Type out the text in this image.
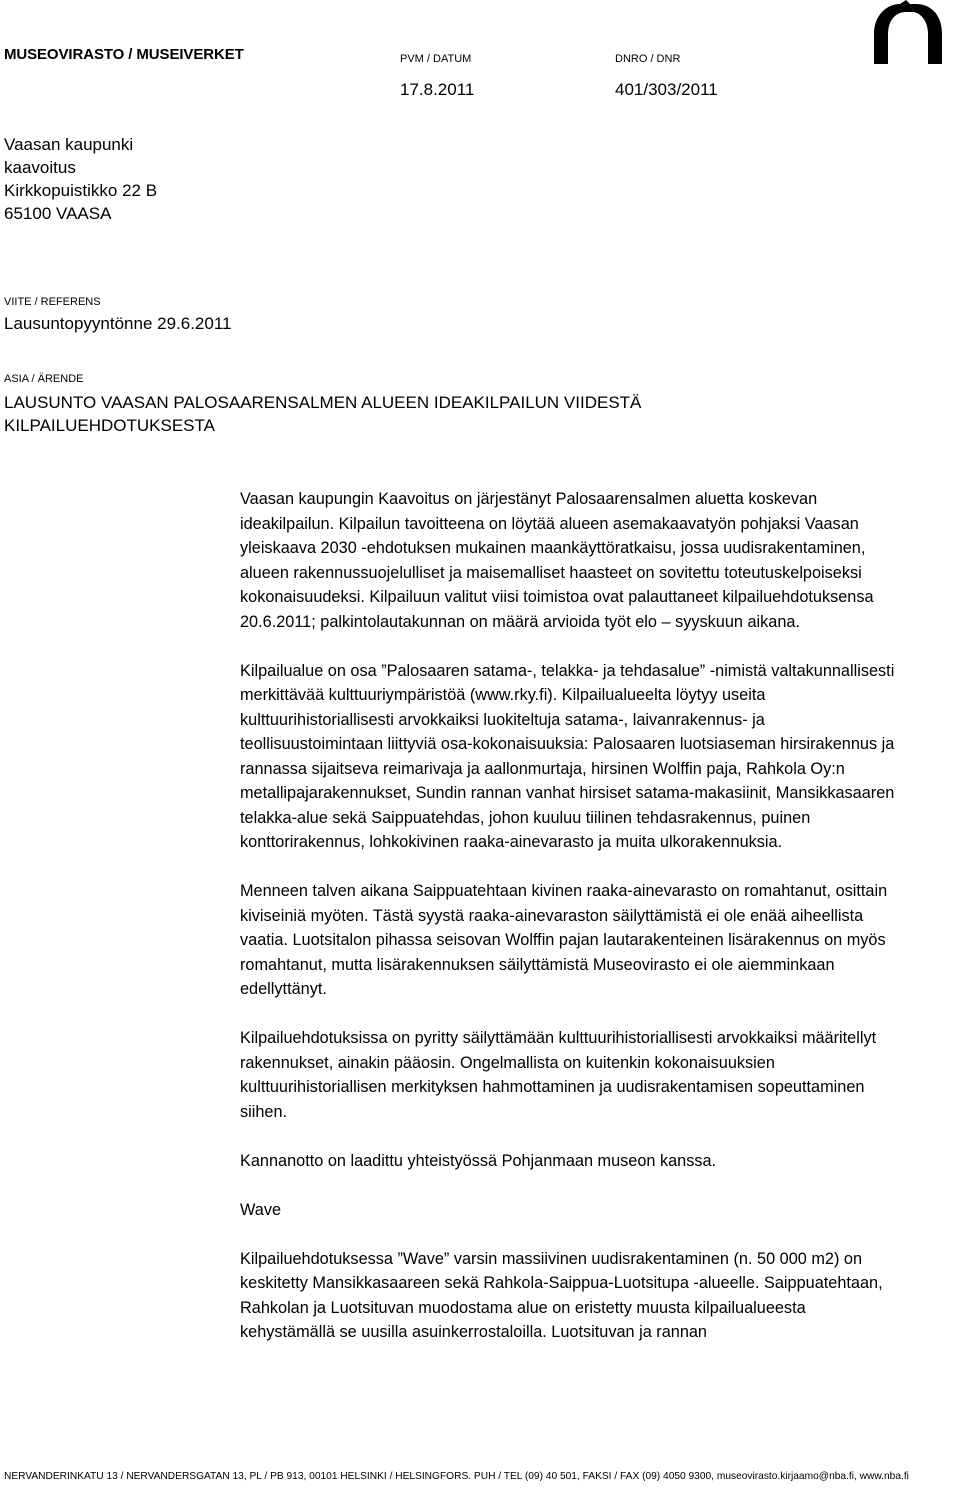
MUSEOVIRASTO / MUSEIVERKET	PVM / DATUM	DNRO / DNR
17.8.2011	401/303/2011
Vaasan kaupunki
kaavoitus
Kirkkopuistikko 22 B
65100 VAASA
VIITE / REFERENS
Lausuntopyyntönne 29.6.2011
ASIA / ÄRENDE
LAUSUNTO VAASAN PALOSAARENSALMEN ALUEEN IDEAKILPAILUN VIIDESTÄ
KILPAILUEHDOTUKSESTA

Vaasan kaupungin Kaavoitus on järjestänyt Palosaarensalmen aluetta koskevan ideakilpailun. Kilpailun tavoitteena on löytää alueen asemakaavatyön pohjaksi Vaasan yleiskaava 2030 -ehdotuksen mukainen maankäyttöratkaisu, jossa uudisrakentaminen, alueen rakennussuojelulliset ja maisemalliset haasteet on sovitettu toteutuskelpoiseksi kokonaisuudeksi. Kilpailuun valitut viisi toimistoa ovat palauttaneet kilpailuehdotuksensa 20.6.2011; palkintolautakunnan on määrä arvioida työt elo – syyskuun aikana.

Kilpailualue on osa ”Palosaaren satama-, telakka- ja tehdasalue” -nimistä valtakunnallisesti merkittävää kulttuuriympäristöä (www.rky.fi). Kilpailualueelta löytyy useita kulttuurihistoriallisesti arvokkaiksi luokiteltuja satama-, laivanrakennus- ja teollisuustoimintaan liittyviä osa-kokonaisuuksia: Palosaaren luotsiaseman hirsirakennus ja rannassa sijaitseva reimarivaja ja aallonmurtaja, hirsinen Wolffin paja, Rahkola Oy:n metallipajarakennukset, Sundin rannan vanhat hirsiset satama-makasiinit, Mansikkasaaren telakka-alue sekä Saippuatehdas, johon kuuluu tiilinen tehdasrakennus, puinen konttorirakennus, lohkokivinen raaka-ainevarasto ja muita ulkorakennuksia.

Menneen talven aikana Saippuatehtaan kivinen raaka-ainevarasto on romahtanut, osittain kiviseiniä myöten. Tästä syystä raaka-ainevaraston säilyttämistä ei ole enää aiheellista vaatia. Luotsitalon pihassa seisovan Wolffin pajan lautarakenteinen lisärakennus on myös romahtanut, mutta lisärakennuksen säilyttämistä Museovirasto ei ole aiemminkaan edellyttänyt.

Kilpailuehdotuksissa on pyritty säilyttämään kulttuurihistoriallisesti arvokkaiksi määritellyt rakennukset, ainakin pääosin. Ongelmallista on kuitenkin kokonaisuuksien kulttuurihistoriallisen merkityksen hahmottaminen ja uudisrakentamisen sopeuttaminen siihen.

Kannanotto on laadittu yhteistyössä Pohjanmaan museon kanssa.

Wave

Kilpailuehdotuksessa ”Wave” varsin massiivinen uudisrakentaminen (n. 50 000 m2) on keskitetty Mansikkasaareen sekä Rahkola-Saippua-Luotsitupa -alueelle. Saippuatehtaan, Rahkolan ja Luotsituvan muodostama alue on eristetty muusta kilpailualueesta kehystämällä se uusilla asuinkerrostaloilla. Luotsituvan ja rannan

NERVANDERINKATU 13 / NERVANDERSGATAN 13, PL / PB 913, 00101 HELSINKI / HELSINGFORS. PUH / TEL (09) 40 501, FAKSI / FAX (09) 4050 9300, museovirasto.kirjaamo@nba.fi, www.nba.fi
